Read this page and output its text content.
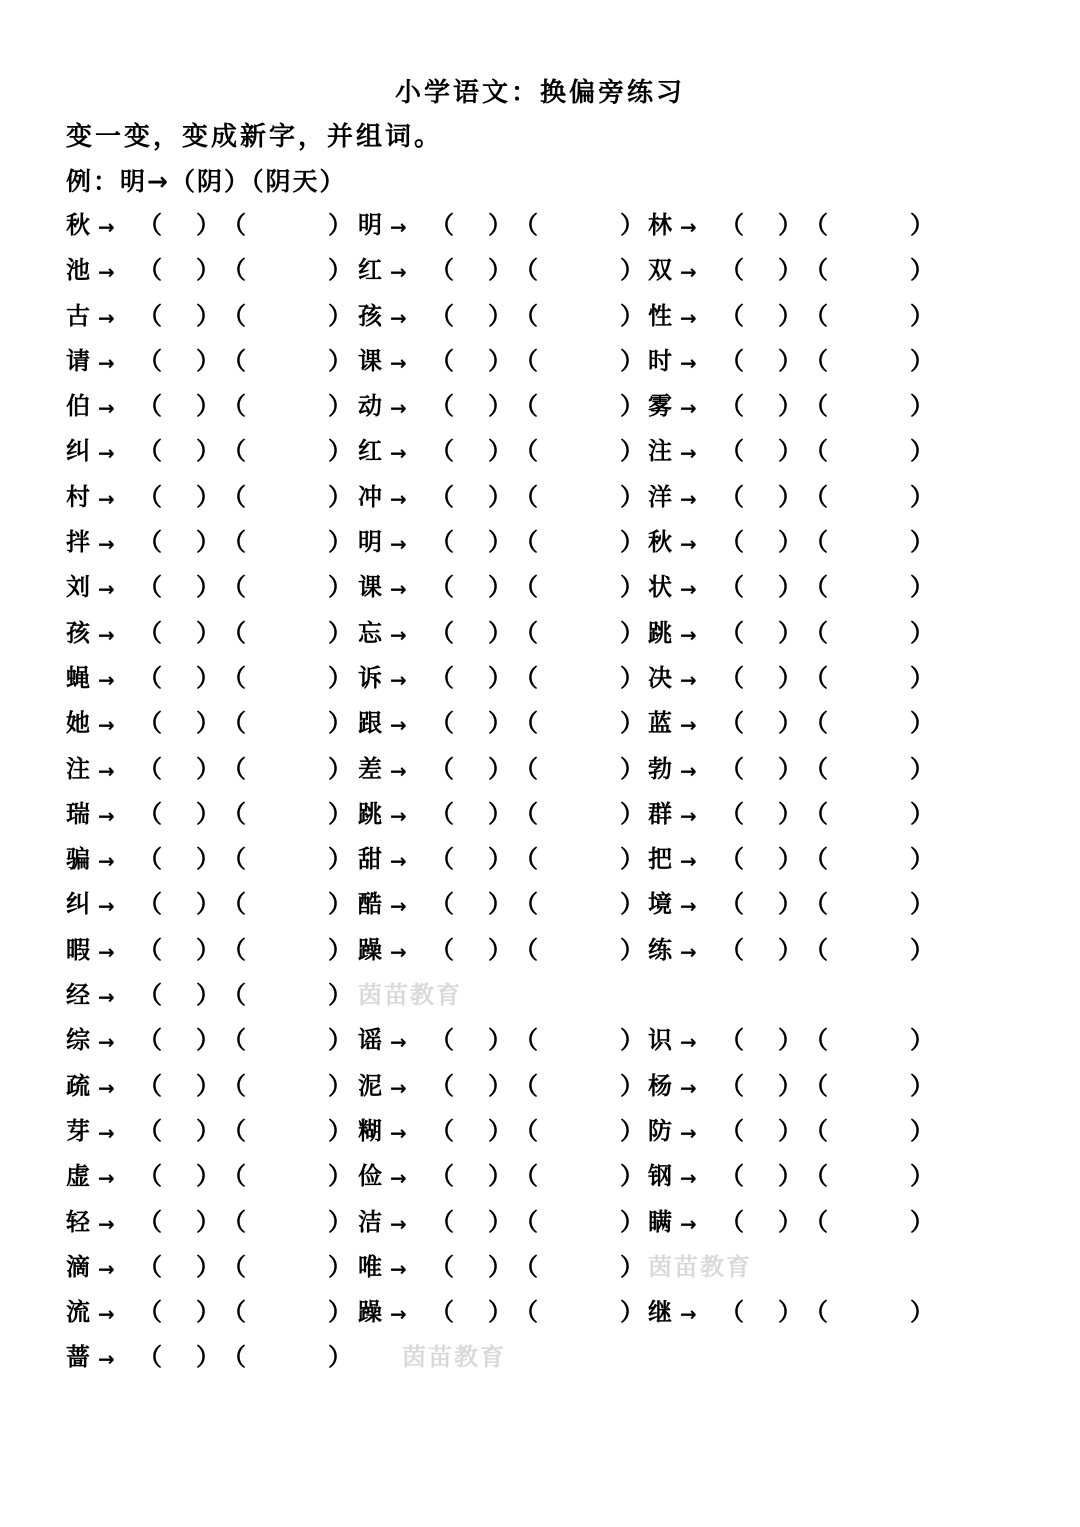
小学语文：换偏旁练习
变一变，变成新字，并组词。
例：明→（阴）（阴天）
秋 → （ ） （	） 明 → （ ） （	） 林 → （ ） （	）
池 → （ ） （	） 红 → （ ） （	） 双 → （ ） （	）
古 → （ ） （	） 孩 → （ ） （	） 性 → （ ） （	）
请 → （ ） （	） 课 → （ ） （	） 时 → （ ） （	）
伯 → （ ） （	） 动 → （ ） （	） 雾 → （ ） （	）
纠 → （ ） （	） 红 → （ ） （	） 注 → （ ） （	）
村 → （ ） （	） 冲 → （ ） （	） 洋 → （ ） （	）
拌 → （ ） （	） 明 → （ ） （	） 秋 → （ ） （	）
刘 → （ ） （	） 课 → （ ） （	） 状 → （ ） （	）
孩 → （ ） （	） 忘 → （ ） （	） 跳 → （ ） （	）
蝇 → （ ） （	） 诉 → （ ） （	） 决 → （ ） （	）
她 → （ ） （	） 跟 → （ ） （	） 蓝 → （ ） （	）
注 → （ ） （	） 差 → （ ） （	） 勃 → （ ） （	）
瑞 → （ ） （	） 跳 → （ ） （	） 群 → （ ） （	）
骗 → （ ） （	） 甜 → （ ） （	） 把 → （ ） （	）
纠 → （ ） （	） 酷 → （ ） （	） 境 → （ ） （	）
暇 → （ ） （	） 躁 → （ ） （	） 练 → （ ） （	）
经 → （ ） （	） 茵苗教育
综 → （ ） （	） 谣 → （ ） （	） 识 → （ ） （	）
疏 → （ ） （	） 泥 → （ ） （	） 杨 → （ ） （	）
芽 → （ ） （	） 糊 → （ ） （	） 防 → （ ） （	）
虚 → （ ） （	） 俭 → （ ） （	） 钢 → （ ） （	）
轻 → （ ） （	） 洁 → （ ） （	） 瞒 → （ ） （	）
滴 → （ ） （	） 唯 → （ ） （	） 茵苗教育
流 → （ ） （	） 躁 → （ ） （	） 继 → （ ） （	）
蔷 → （ ） （	） 茵苗教育
